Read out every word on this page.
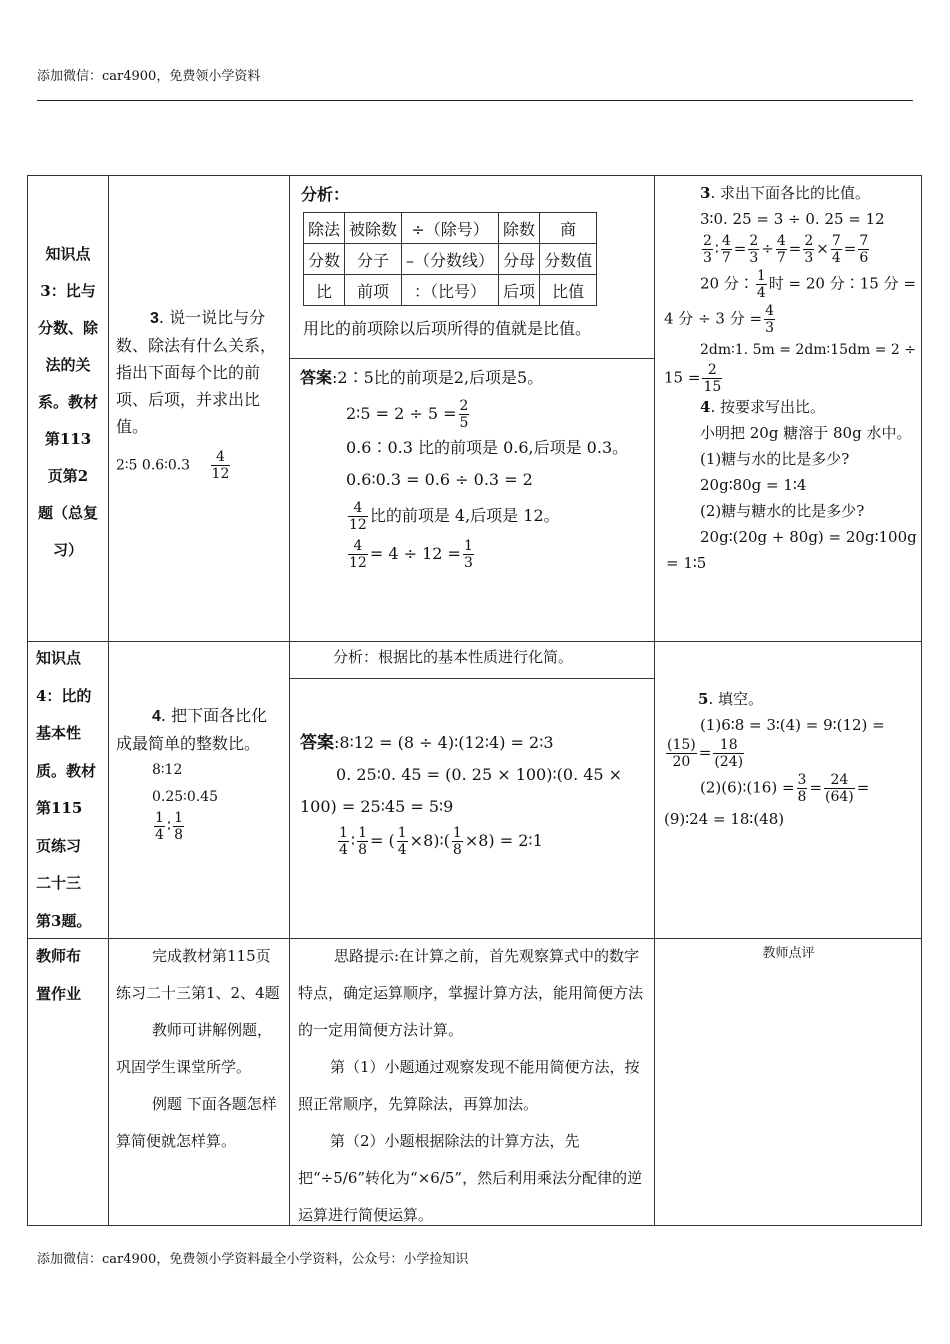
添加微信：car4900，免费领小学资料
知识点
3：比与
分数、除
法的关
系。教材
第113
页第2
题（总复
习）
3. 说一说比与分数、除法有什么关系，指出下面每个比的前项、后项，并求出比值。
2∶5 0.6∶0.3 $\frac{4}{12}$
分析：
除法	被除数	÷（除号）	除数	商
分数	分子	–（分数线）	分母	分数值
比	前项	：（比号）	后项	比值
用比的前项除以后项所得的值就是比值。
答案:2∶5比的前项是2,后项是5。
2∶5 = $2 \div 5 = \frac{2}{5}$
0.6∶0.3 比的前项是 0.6,后项是 0.3。
0.6∶0.3 = 0.6 ÷ 0.3 = 2
$\frac{4}{12}$ 比的前项是 4,后项是 12。
$\frac{4}{12} = 4 \div 12 = \frac{1}{3}$
3. 求出下面各比的比值。
3∶0. 25 = 3 ÷ 0. 25 = 12
$\frac{2}{3}$ ∶ $\frac{4}{7} = \frac{2}{3} \div \frac{4}{7} = \frac{2}{3} \times \frac{7}{4} = \frac{7}{6}$
20 分∶ $\frac{1}{4}$ 时 = 20 分∶15 分 =
4 分 ÷ 3 分 = $\frac{4}{3}$
2dm∶1. 5m = 2dm∶15dm = 2 ÷
$15 = \frac{2}{15}$
4. 按要求写出比。
小明把 20g 糖溶于 80g 水中。
(1)糖与水的比是多少?
20g∶80g = 1∶4
(2)糖与糖水的比是多少?
20g∶(20g + 80g) = 20g∶100g
= 1∶5
知识点
4：比的
基本性
质。教材
第115
页练习
二十三
第3题。
4. 把下面各比化成最简单的整数比。
8∶12
0.25∶0.45
$\frac{1}{4}$ ∶ $\frac{1}{8}$
分析：根据比的基本性质进行化简。
答案:8∶12 = (8 ÷ 4)∶(12∶4) = 2∶3
0. 25∶0. 45 = (0. 25 × 100)∶(0. 45 × 100) = 25∶45 = 5∶9
$\frac{1}{4}$ ∶ $\frac{1}{8}$ = ( $\frac{1}{4}$ ×8)∶( $\frac{1}{8} \times 8$) = 2∶1
5. 填空。
(1)6∶8 = 3∶(4) = 9∶(12) =
$\frac{(15)}{20} = \frac{18}{(24)}$
(2)(6)∶(16) = $\frac{3}{8} = \frac{24}{(64)}$ =
(9)∶24 = 18∶(48)
教师布
置作业
完成教材第115页练习二十三第1、2、4题
教师可讲解例题，巩固学生课堂所学。
例题 下面各题怎样算简便就怎样算。
思路提示:在计算之前，首先观察算式中的数字特点，确定运算顺序，掌握计算方法，能用简便方法的一定用简便方法计算。
第（1）小题通过观察发现不能用简便方法，按照正常顺序，先算除法，再算加法。
第（2）小题根据除法的计算方法，先把“÷5/6”转化为“×6/5”，然后利用乘法分配律的逆运算进行简便运算。
教师点评
添加微信：car4900，免费领小学资料最全小学资料，公众号：小学捡知识
